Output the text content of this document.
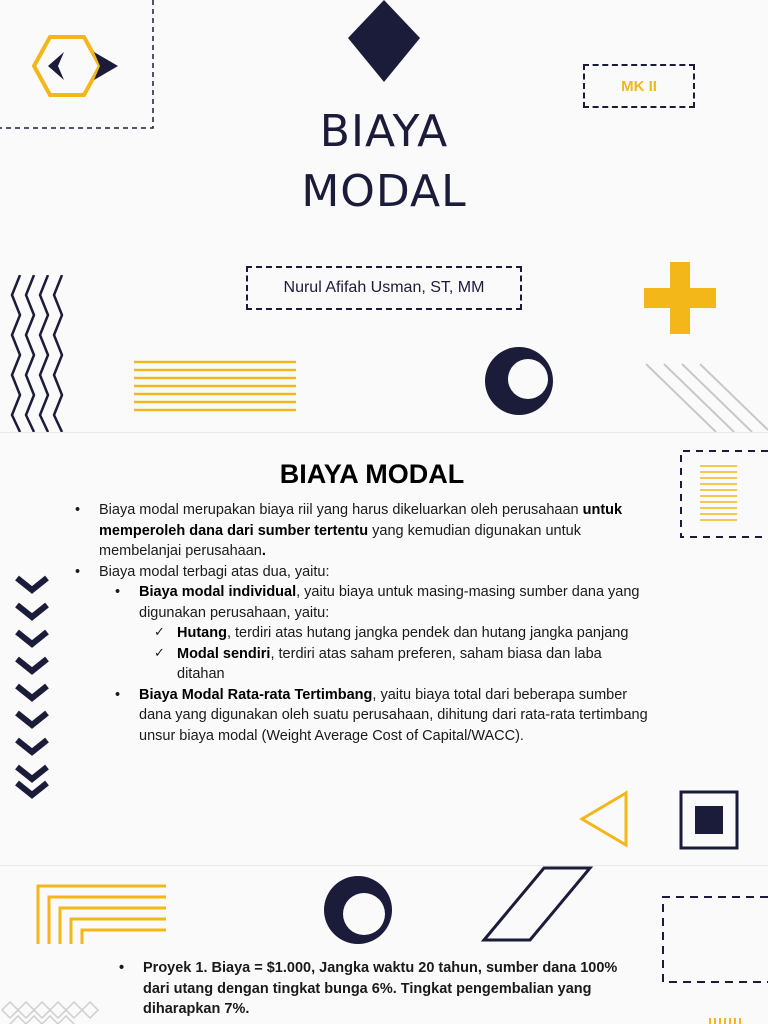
MK II
BIAYA
MODAL
Nurul Afifah Usman, ST, MM
BIAYA MODAL
• Biaya modal merupakan biaya riil yang harus dikeluarkan oleh perusahaan untuk memperoleh dana dari sumber tertentu yang kemudian digunakan untuk membelanjai perusahaan.
• Biaya modal terbagi atas dua, yaitu:
• Biaya modal individual, yaitu biaya untuk masing-masing sumber dana yang digunakan perusahaan, yaitu:
✓ Hutang, terdiri atas hutang jangka pendek dan hutang jangka panjang
✓ Modal sendiri, terdiri atas saham preferen, saham biasa dan laba ditahan
• Biaya Modal Rata-rata Tertimbang, yaitu biaya total dari beberapa sumber dana yang digunakan oleh suatu perusahaan, dihitung dari rata-rata tertimbang unsur biaya modal (Weight Average Cost of Capital/WACC).
• Proyek 1. Biaya = $1.000, Jangka waktu 20 tahun, sumber dana 100% dari utang dengan tingkat bunga 6%. Tingkat pengembalian yang diharapkan 7%.
